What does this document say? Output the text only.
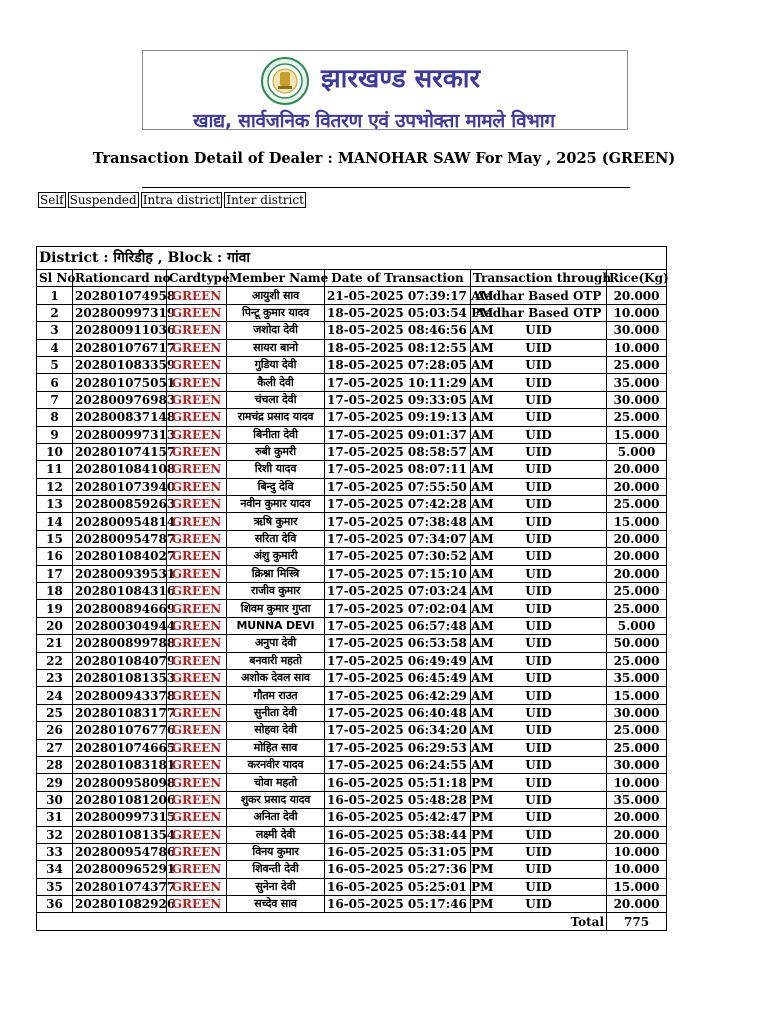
झारखण्ड सरकार
खाद्य, सार्वजनिक वितरण एवं उपभोक्ता मामले विभाग
Transaction Detail of Dealer : MANOHAR SAW For May , 2025 (GREEN)
Self Suspended Intra district Inter district
District : गिरिडीह , Block : गांवा						
Sl No	Rationcard no	Cardtype	Member Name	Date of Transaction	Transaction through	Rice(Kg)
1	202801074958	GREEN	आयुशी साव	21-05-2025 07:39:17 AM	Aadhar Based OTP	20.000
2	202800997319	GREEN	पिन्टू कुमार यादव	18-05-2025 05:03:54 PM	Aadhar Based OTP	10.000
3	202800911036	GREEN	जशोदा देवी	18-05-2025 08:46:56 AM	UID	30.000
4	202801076717	GREEN	सायरा बानो	18-05-2025 08:12:55 AM	UID	10.000
5	202801083359	GREEN	गुडिया देवी	18-05-2025 07:28:05 AM	UID	25.000
6	202801075051	GREEN	कैली देवी	17-05-2025 10:11:29 AM	UID	35.000
7	202800976983	GREEN	चंचला देवी	17-05-2025 09:33:05 AM	UID	30.000
8	202800837148	GREEN	रामचंद्र प्रसाद यादव	17-05-2025 09:19:13 AM	UID	25.000
9	202800997313	GREEN	बिनीता देवी	17-05-2025 09:01:37 AM	UID	15.000
10	202801074157	GREEN	रुबी कुमरी	17-05-2025 08:58:57 AM	UID	5.000
11	202801084108	GREEN	रिशी यादव	17-05-2025 08:07:11 AM	UID	20.000
12	202801073940	GREEN	बिन्दु देवि	17-05-2025 07:55:50 AM	UID	20.000
13	202800859263	GREEN	नवीन कुमार यादव	17-05-2025 07:42:28 AM	UID	25.000
14	202800954814	GREEN	ऋषि कुमार	17-05-2025 07:38:48 AM	UID	15.000
15	202800954787	GREEN	सरिता देवि	17-05-2025 07:34:07 AM	UID	20.000
16	202801084027	GREEN	अंशु कुमारी	17-05-2025 07:30:52 AM	UID	20.000
17	202800939531	GREEN	क्रिश्ना मिस्त्रि	17-05-2025 07:15:10 AM	UID	20.000
18	202801084316	GREEN	राजीव कुमार	17-05-2025 07:03:24 AM	UID	25.000
19	202800894669	GREEN	शिवम कुमार गुप्ता	17-05-2025 07:02:04 AM	UID	25.000
20	202800304944	GREEN	MUNNA DEVI	17-05-2025 06:57:48 AM	UID	5.000
21	202800899788	GREEN	अनुपा देवी	17-05-2025 06:53:58 AM	UID	50.000
22	202801084079	GREEN	बनवारी महतो	17-05-2025 06:49:49 AM	UID	25.000
23	202801081353	GREEN	अशोक देवल साव	17-05-2025 06:45:49 AM	UID	35.000
24	202800943378	GREEN	गौतम राउत	17-05-2025 06:42:29 AM	UID	15.000
25	202801083177	GREEN	सुनीता देवी	17-05-2025 06:40:48 AM	UID	30.000
26	202801076776	GREEN	सोहवा देवी	17-05-2025 06:34:20 AM	UID	25.000
27	202801074665	GREEN	मोहित साव	17-05-2025 06:29:53 AM	UID	25.000
28	202801083181	GREEN	करनवीर यादव	17-05-2025 06:24:55 AM	UID	30.000
29	202800958098	GREEN	चोवा महतो	16-05-2025 05:51:18 PM	UID	10.000
30	202801081206	GREEN	शुकर प्रसाद यादव	16-05-2025 05:48:28 PM	UID	35.000
31	202800997315	GREEN	अनिता देवी	16-05-2025 05:42:47 PM	UID	20.000
32	202801081354	GREEN	लक्ष्मी देवी	16-05-2025 05:38:44 PM	UID	20.000
33	202800954786	GREEN	विनय कुमार	16-05-2025 05:31:05 PM	UID	10.000
34	202800965291	GREEN	शिवन्ती देवी	16-05-2025 05:27:36 PM	UID	10.000
35	202801074377	GREEN	सुनेना देवी	16-05-2025 05:25:01 PM	UID	15.000
36	202801082926	GREEN	सच्देव साव	16-05-2025 05:17:46 PM	UID	20.000
Total						775
